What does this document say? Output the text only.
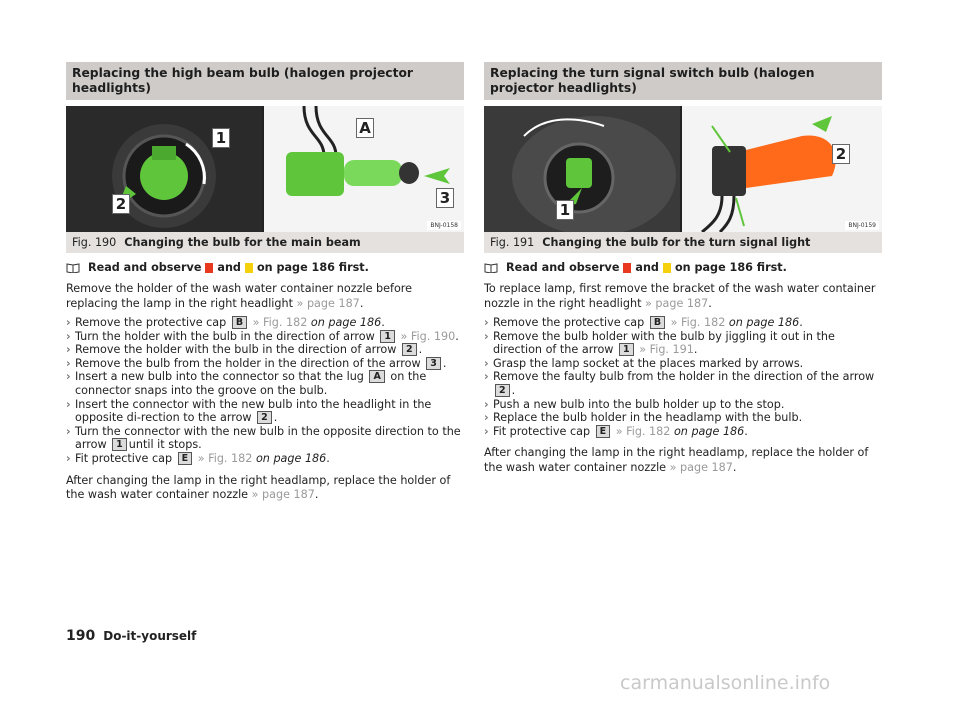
Replacing the high beam bulb (halogen projector headlights)
1
2
A
3
BNJ-0158
Fig. 190 Changing the bulb for the main beam
Read and observe and on page 186 first.

Remove the holder of the wash water container nozzle before replacing the lamp in the right headlight » page 187.

› Remove the protective cap B » Fig. 182 on page 186.
› Turn the holder with the bulb in the direction of arrow 1 » Fig. 190.
› Remove the holder with the bulb in the direction of arrow 2 .
› Remove the bulb from the holder in the direction of the arrow 3 .
› Insert a new bulb into the connector so that the lug A on the connector snaps into the groove on the bulb.
› Insert the connector with the new bulb into the headlight in the opposite di-rection to the arrow 2 .
› Turn the connector with the new bulb in the opposite direction to the arrow 1 until it stops.
› Fit protective cap E » Fig. 182 on page 186.

After changing the lamp in the right headlamp, replace the holder of the wash water container nozzle » page 187.

Replacing the turn signal switch bulb (halogen projector headlights)
1
2
BNJ-0159
Fig. 191 Changing the bulb for the turn signal light
Read and observe and on page 186 first.

To replace lamp, first remove the bracket of the wash water container nozzle in the right headlight » page 187.

› Remove the protective cap B » Fig. 182 on page 186.
› Remove the bulb holder with the bulb by jiggling it out in the direction of the arrow 1 » Fig. 191.
› Grasp the lamp socket at the places marked by arrows.
› Remove the faulty bulb from the holder in the direction of the arrow 2 .
› Push a new bulb into the bulb holder up to the stop.
› Replace the bulb holder in the headlamp with the bulb.
› Fit protective cap E » Fig. 182 on page 186.

After changing the lamp in the right headlamp, replace the holder of the wash water container nozzle » page 187.

190 Do-it-yourself
carmanualsonline.info
